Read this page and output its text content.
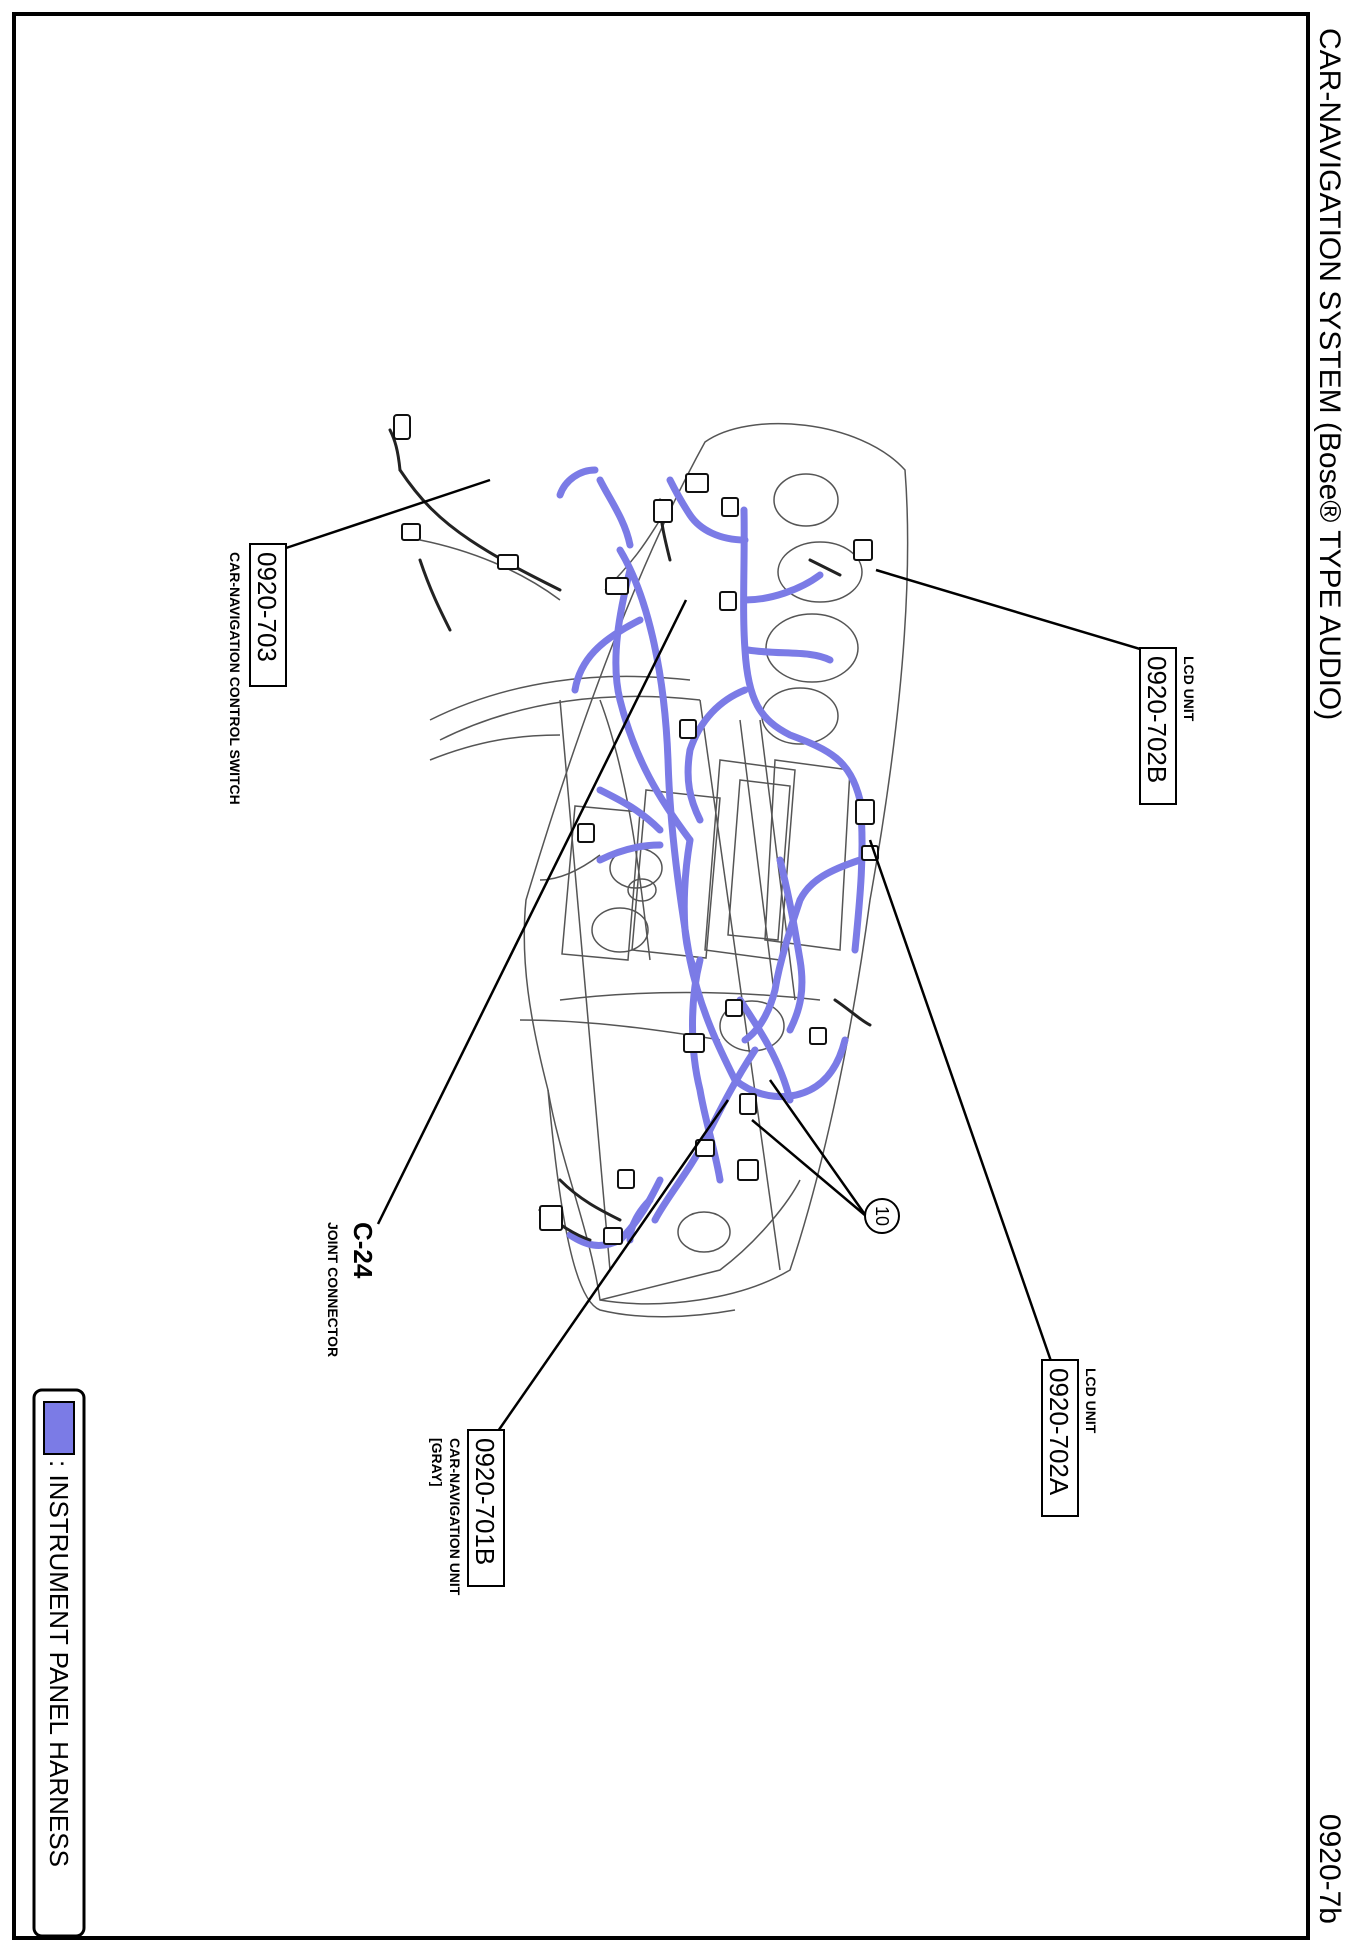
CAR-NAVIGATION SYSTEM (Bose® TYPE AUDIO)
0920-7b
0920-703
CAR-NAVIGATION CONTROL SWITCH
C-24
JOINT CONNECTOR
0920-701B
CAR-NAVIGATION UNIT
[GRAY]
LCD UNIT
0920-702A
LCD UNIT
0920-702B
10
: INSTRUMENT PANEL HARNESS
